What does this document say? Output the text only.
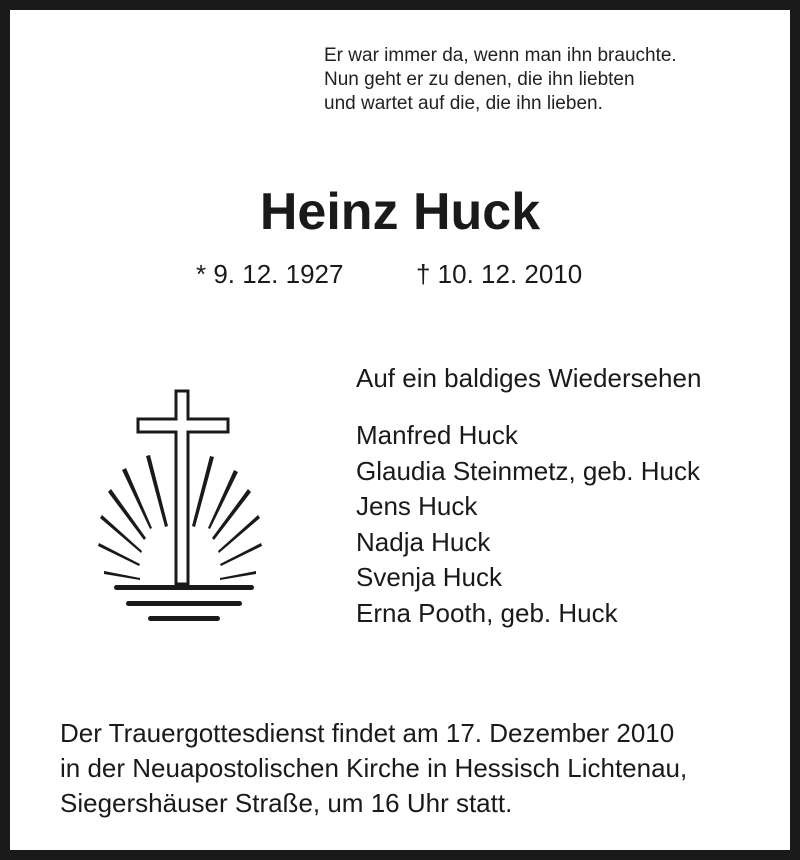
Er war immer da, wenn man ihn brauchte.
Nun geht er zu denen, die ihn liebten
und wartet auf die, die ihn lieben.
Heinz Huck
* 9. 12. 1927	† 10. 12. 2010
Auf ein baldiges Wiedersehen
Manfred Huck
Glaudia Steinmetz, geb. Huck
Jens Huck
Nadja Huck
Svenja Huck
Erna Pooth, geb. Huck
Der Trauergottesdienst findet am 17. Dezember 2010
in der Neuapostolischen Kirche in Hessisch Lichtenau,
Siegershäuser Straße, um 16 Uhr statt.
